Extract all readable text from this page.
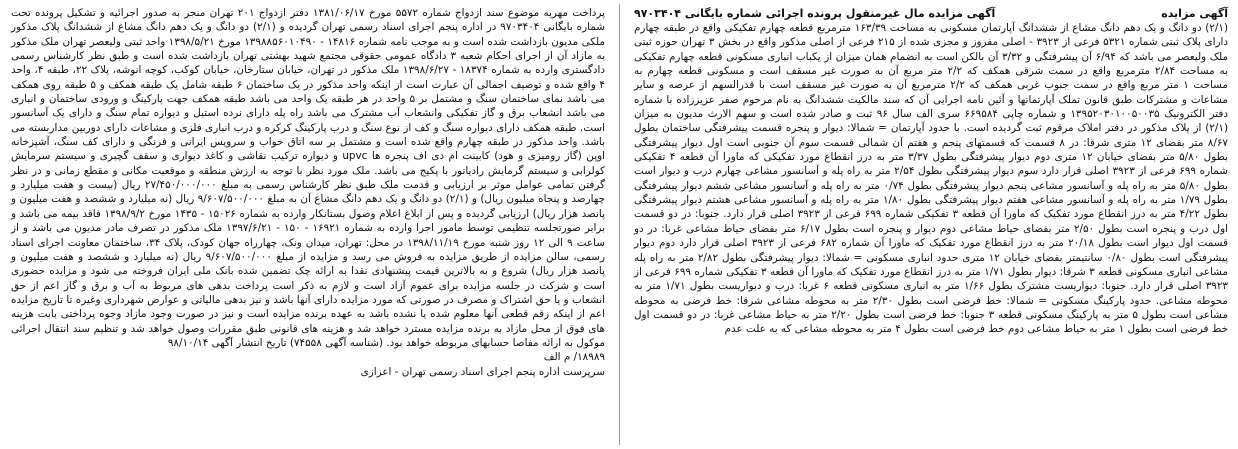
آگهی مزایده
آگهی مزایده مال غیرمنقول پرونده اجرائی شماره بایگانی ۹۷۰۳۴۰۴

(۲/۱) دو دانگ و یک دهم دانگ مشاع از ششدانگ آپارتمان مسکونی به مساحت ۱۶۳/۳۹ مترمربع قطعه چهارم تفکیکی واقع در طبقه چهارم دارای پلاک ثبتی شماره ۵۳۲۱ فرعی از ۳۹۲۳ - اصلی مفروز و مجزی شده از ۲۱۵ فرعی از اصلی مذکور واقع در بخش ۳ تهران حوزه ثبتی ملک ولیعصر می باشد که ۶/۹۴ آن پیشرفتگی و ۳/۳۲ آن بالکن است به انضمام همان میزان از یکباب انباری مسکونی قطعه چهارم تفکیکی به مساحت ۲/۸۴ مترمربع واقع در سمت شرقی همکف که ۲/۲ متر مربع آن به صورت غیر مسقف است و مسکونی قطعه چهارم به مساحت ۱ متر مربع واقع در سمت جنوب غربی همکف که ۲/۲ مترمربع آن به صورت غیر مسقف است با قدرالسهم از عرصه و سایر مشاعات و مشترکات طبق قانون تملک آپارتمانها و آئین نامه اجرایی آن که سند مالکیت ششدانگ به نام مرحوم صفر عزیززاده با شماره دفتر الکترونیک ۱۳۹۵۲۰۳۰۱۰۰۵۰۰۳۵ و شماره چاپی ۶۶۹۵۸۴ سری الف سال ۹۶ ثبت و صادر شده است و سهم الارث مدیون به میزان (۲/۱) از پلاک مذکور در دفتر املاک مرقوم ثبت گردیده است. با حدود آپارتمان = شمالا: دیوار و پنجره قسمت پیشرفتگی ساختمان بطول ۸/۶۷ متر بفضای ۱۲ متری شرقا: در ۸ قسمت که قسمتهای پنجم و هفتم آن شمالی قسمت سوم آن جنوبی است اول دیوار پیشرفتگی بطول ۵/۸۰ متر بفضای خیابان ۱۲ متری دوم دیوار پیشرفتگی بطول ۳/۳۷ متر به درز انقطاع مورد تفکیکی که ماورا آن قطعه ۴ تفکیکی شماره ۶۹۹ فرعی از ۳۹۲۳ اصلی قرار دارد سوم دیوار پیشرفتگی بطول ۲/۵۴ متر به راه پله و آسانسور مشاعی چهارم درب و دیوار است بطول ۵/۸۰ متر به راه پله و آسانسور مشاعی پنجم دیوار پیشرفتگی بطول ۰/۷۴ متر به راه پله و آسانسور مشاعی ششم دیوار پیشرفتگی بطول ۱/۷۹ متر به راه پله و آسانسور مشاعی هفتم دیوار پیشرفتگی بطول ۱/۸۰ متر به راه پله و آسانسور مشاعی هشتم دیوار پیشرفتگی بطول ۴/۲۲ متر به درز انقطاع مورد تفکیک که ماورا آن قطعه ۳ تفکیکی شماره ۶۹۹ فرعی از ۳۹۲۳ اصلی قرار دارد. جنوبا: در دو قسمت اول درب و پنجره است بطول ۲/۵۰ متر بفضای حیاط مشاعی دوم دیوار و پنجره است بطول ۶/۱۷ متر بفضای حیاط مشاعی غربا: در دو قسمت اول دیوار است بطول ۲۰/۱۸ متر به درز انقطاع مورد تفکیک که ماورا آن شماره ۶۸۲ فرعی از ۳۹۲۳ اصلی قرار دارد دوم دیوار پیشرفتگی است بطول ۰/۸۰ سانتیمتر بفضای خیابان ۱۲ متری حدود انباری مسکونی = شمالا: دیوار پیشرفتگی بطول ۲/۸۲ متر به راه پله مشاعی انباری مسکونی قطعه ۳ شرقا: دیوار بطول ۱/۷۱ متر به درز انقطاع مورد تفکیک که ماورا آن قطعه ۳ تفکیکی شماره ۶۹۹ فرعی از ۳۹۲۳ اصلی قرار دارد. جنوبا: دیواریست مشترک بطول ۱/۶۶ متر به انباری مسکونی قطعه ۶ غربا: درب و دیواریست بطول ۱/۷۱ متر به محوطه مشاعی. حدود پارکینگ مسکونی = شمالا: خط فرضی است بطول ۲/۳۰ متر به محوطه مشاعی شرقا: خط فرضی به محوطه مشاعی است بطول ۵ متر به پارکینگ مسکونی قطعه ۳ جنوبا: خط فرضی است بطول ۲/۲۰ متر به حیاط مشاعی غربا: در دو قسمت اول خط فرضی است بطول ۱ متر به حیاط مشاعی دوم خط فرضی است بطول ۴ متر به محوطه مشاعی که به علت عدم

پرداخت مهریه موضوع سند ازدواج شماره ۵۵۷۲ مورخ ۱۳۸۱/۰۶/۱۷ دفتر ازدواج ۲۰۱ تهران منجر به صدور اجرائیه و تشکیل پرونده تحت شماره بایگانی ۹۷۰۳۴۰۴ در اداره پنجم اجرای اسناد رسمی تهران گردیده و (۲/۱) دو دانگ و یک دهم دانگ مشاع از ششدانگ پلاک مذکور ملکی مدیون بازداشت شده است و به موجب نامه شماره ۱۴۸۱۶ - ۱۳۹۸۸۵۶۰۱۰۴۹۰ مورخ ۱۳۹۸/۵/۲۱ واحد ثبتی ولیعصر تهران ملک مذکور به مازاد آن از اجرای احکام شعبه ۳ دادگاه عمومی حقوقی مجتمع شهید بهشتی تهران بازداشت شده است و طبق نظر کارشناس رسمی دادگستری وارده به شماره ۱۸۳۷۴ - ۱۳۹۸/۶/۲۷ ملک مذکور در تهران، خیابان ستارخان، خیابان کوکب، کوچه انوشه، پلاک ۲۲، طبقه ۴، واحد ۴ واقع شده و توصیف اجمالی آن عبارت است از اینکه واحد مذکور در یک ساختمان ۶ طبقه شامل یک طبقه همکف و ۵ طبقه روی همکف می باشد نمای ساختمان سنگ و مشتمل بر ۵ واحد در هر طبقه یک واحد می باشد طبقه همکف جهت پارکینگ و ورودی ساختمان و انباری می باشد انشعاب برق و گاز تفکیکی وانشعاب آب مشترک می باشد راه پله دارای نرده استیل و دیواره تمام سنگ و دارای یک آسانسور است. طبقه همکف دارای دیواره سنگ و کف از نوع سنگ و درب پارکینگ کرکره و درب انباری فلزی و مشاعات دارای دوربین مداربسته می باشد. واحد مذکور در طبقه چهارم واقع شده است و مشتمل بر سه اتاق خواب و سرویس ایرانی و فرنگی و دارای کف سنگ، آشپزخانه اوپن (گاز رومیزی و هود) کابینت ام دی اف پنجره ها upvc و دیواره ترکیب نقاشی و کاغذ دیواری و سقف گچبری و سیستم سرمایش کولرابی و سیستم گرمایش رادیاتور با پکیج می باشد. ملک مورد نظر با توجه به ارزش منطقه و موقعیت مکانی و مقطع زمانی و در نظر گرفتن تمامی عوامل موثر بر ارزیابی و قدمت ملک طبق نظر کارشناس رسمی به مبلغ ۲۷/۴۵۰/۰۰۰/۰۰۰ ریال (بیست و هفت میلیارد و چهارصد و پنجاه میلیون ریال) و (۲/۱) دو دانگ و یک دهم دانگ مشاع آن به مبلغ ۹/۶۰۷/۵۰۰/۰۰۰ ریال (نه میلیارد و ششصد و هفت میلیون و پانصد هزار ریال) ارزیابی گردیده و پس از ابلاغ اعلام وصول بستانکار وارده به شماره ۱۵۰۲۶ - ۱۴۳۵ مورخ ۱۳۹۸/۹/۲ فاقد بیمه می باشد و برابر صورتجلسه تنظیمی توسط مامور اجرا وارده به شماره ۱۶۹۲۱ - ۱۵۰ - ۱۳۹۷/۶/۲۱ ملک مذکور در تصرف مادر مدیون می باشد و از ساعت ۹ الی ۱۲ روز شنبه مورخ ۱۳۹۸/۱۱/۱۹ در محل: تهران، میدان ونک، چهارراه جهان کودک، پلاک ۳۴، ساختمان معاونت اجرای اسناد رسمی، سالن مزایده از طریق مزایده به فروش می رسد و مزایده از مبلغ ۹/۶۰۷/۵۰۰/۰۰۰ ریال (نه میلیارد و ششصد و هفت میلیون و پانصد هزار ریال) شروع و به بالاترین قیمت پیشنهادی نقدا به ارائه چک تضمین شده بانک ملی ایران فروخته می شود و مزایده حضوری است و شرکت در جلسه مزایده برای عموم آزاد است و لازم به ذکر است پرداخت بدهی های مربوط به آب و برق و گاز اعم از حق انشعاب و یا حق اشتراک و مصرف در صورتی که مورد مزایده دارای آنها باشد و نیز بدهی مالیاتی و عوارض شهرداری وغیره تا تاریخ مزایده اعم از اینکه رقم قطعی آنها معلوم شده یا نشده باشد به عهده برنده مزایده است و نیز در صورت وجود مازاد وجوه پرداختی بابت هزینه های فوق از محل مازاد به برنده مزایده مسترد خواهد شد و هزینه های قانونی طبق مقررات وصول خواهد شد و تنظیم سند انتقال اجرائی موکول به ارائه مفاصا حسابهای مربوطه خواهد بود. (شناسه آگهی ۷۴۵۵۸) تاریخ انتشار آگهی ۹۸/۱۰/۱۴

۱۸۹۸۹/ م الف
سرپرست اداره پنجم اجرای اسناد رسمی تهران - اعزازی
